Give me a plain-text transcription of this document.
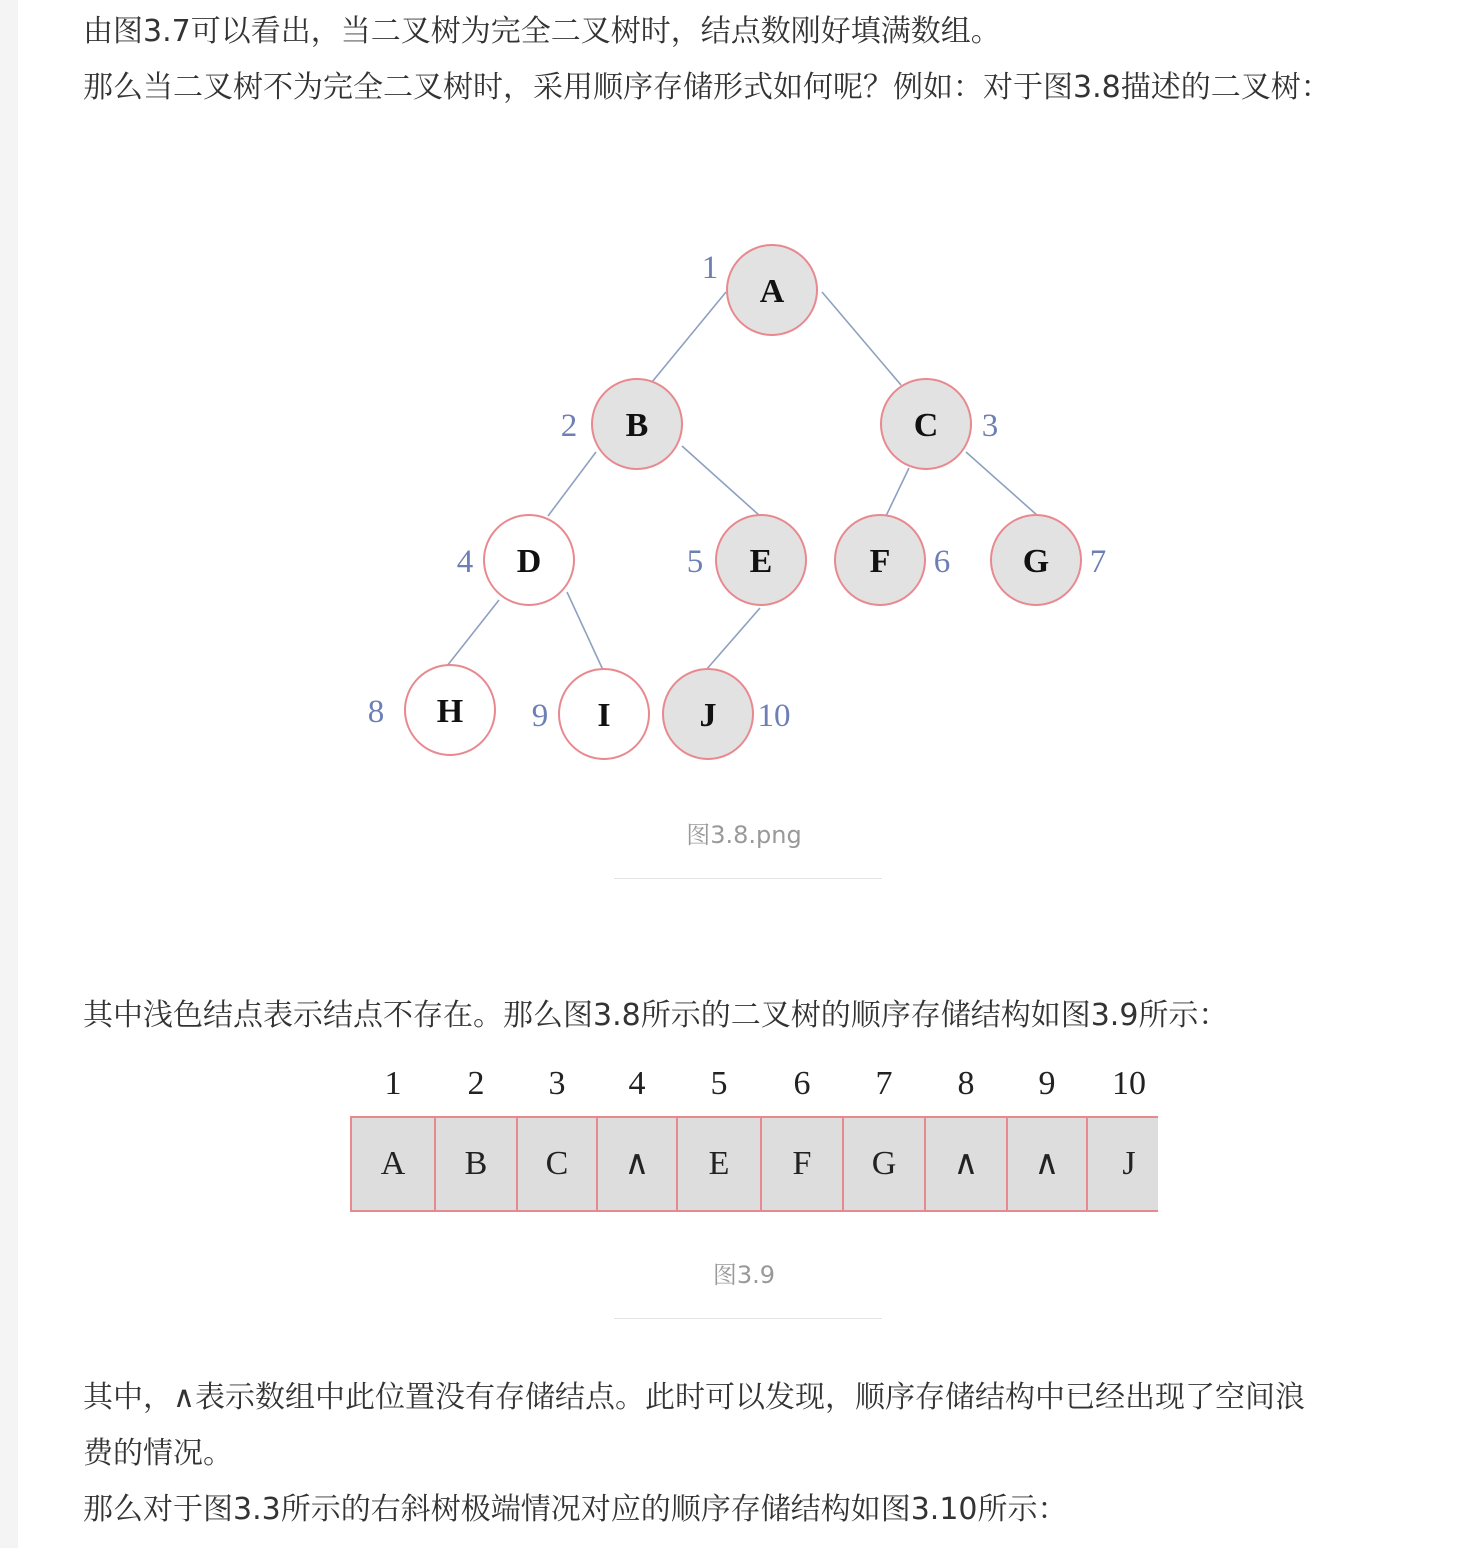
由图3.7可以看出，当二叉树为完全二叉树时，结点数刚好填满数组。

那么当二叉树不为完全二叉树时，采用顺序存储形式如何呢？例如：对于图3.8描述的二叉树：

A
1
B
2	C 3
D
4	E
5	F 6 G 7
H
8	I
9	J 10
图3.8.png

其中浅色结点表示结点不存在。那么图3.8所示的二叉树的顺序存储结构如图3.9所示：

1 2 3 4 5 6 7 8 9 10
A B C ∧ E F G ∧ ∧ J
图3.9

其中，∧表示数组中此位置没有存储结点。此时可以发现，顺序存储结构中已经出现了空间浪

费的情况。

那么对于图3.3所示的右斜树极端情况对应的顺序存储结构如图3.10所示：
